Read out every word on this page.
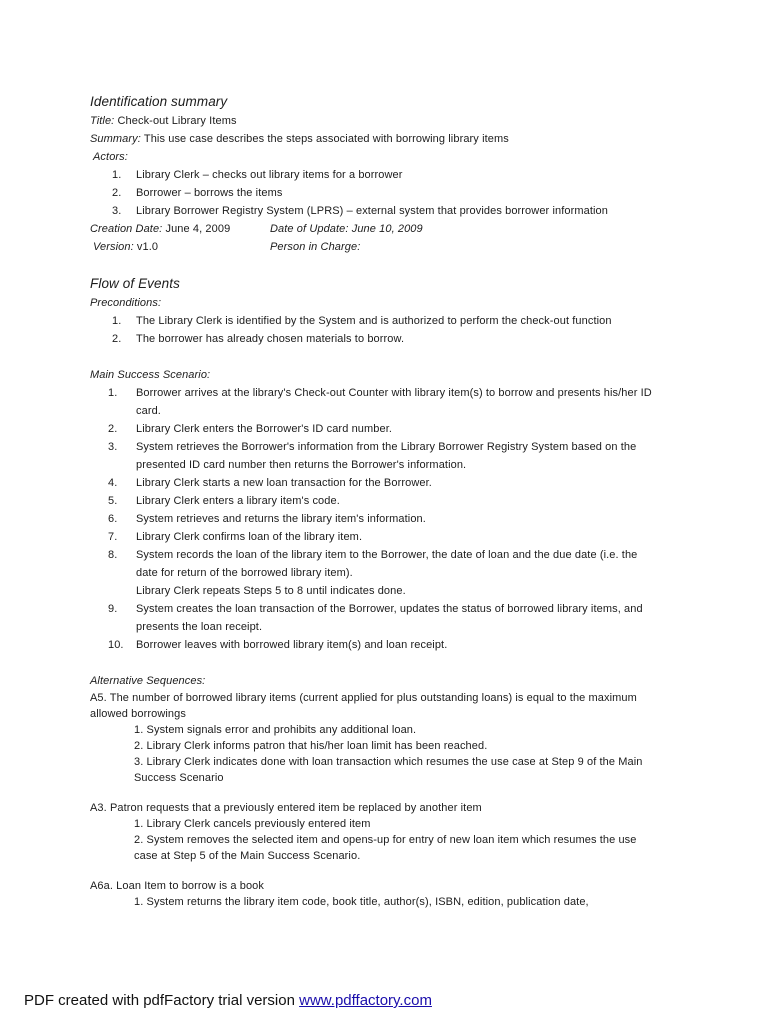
Identification summary
Title: Check-out Library Items
Summary: This use case describes the steps associated with borrowing library items
Actors:
1.	Library Clerk – checks out library items for a borrower
2.	Borrower – borrows the items
3.	Library Borrower Registry System (LPRS) – external system that provides borrower information
Creation Date: June 4, 2009	Date of Update: June 10, 2009
Version: v1.0	Person in Charge:
Flow of Events
Preconditions:
1.	The Library Clerk is identified by the System and is authorized to perform the check-out function
2.	The borrower has already chosen materials to borrow.
Main Success Scenario:
1.	Borrower arrives at the library's Check-out Counter with library item(s) to borrow and presents his/her ID
card.
2.	Library Clerk enters the Borrower's ID card number.
3.	System retrieves the Borrower's information from the Library Borrower Registry System based on the
presented ID card number then returns the Borrower's information.
4.	Library Clerk starts a new loan transaction for the Borrower.
5.	Library Clerk enters a library item's code.
6.	System retrieves and returns the library item's information.
7.	Library Clerk confirms loan of the library item.
8.	System records the loan of the library item to the Borrower, the date of loan and the due date (i.e. the
date for return of the borrowed library item).
Library Clerk repeats Steps 5 to 8 until indicates done.
9.	System creates the loan transaction of the Borrower, updates the status of borrowed library items, and
presents the loan receipt.
10.	Borrower leaves with borrowed library item(s) and loan receipt.
Alternative Sequences:
A5. The number of borrowed library items (current applied for plus outstanding loans) is equal to the maximum
allowed borrowings
1. System signals error and prohibits any additional loan.
2. Library Clerk informs patron that his/her loan limit has been reached.
3. Library Clerk indicates done with loan transaction which resumes the use case at Step 9 of the Main
Success Scenario
A3. Patron requests that a previously entered item be replaced by another item
1. Library Clerk cancels previously entered item
2. System removes the selected item and opens-up for entry of new loan item which resumes the use
case at Step 5 of the Main Success Scenario.
A6a. Loan Item to borrow is a book
1. System returns the library item code, book title, author(s), ISBN, edition, publication date,
PDF created with pdfFactory trial version www.pdffactory.com
